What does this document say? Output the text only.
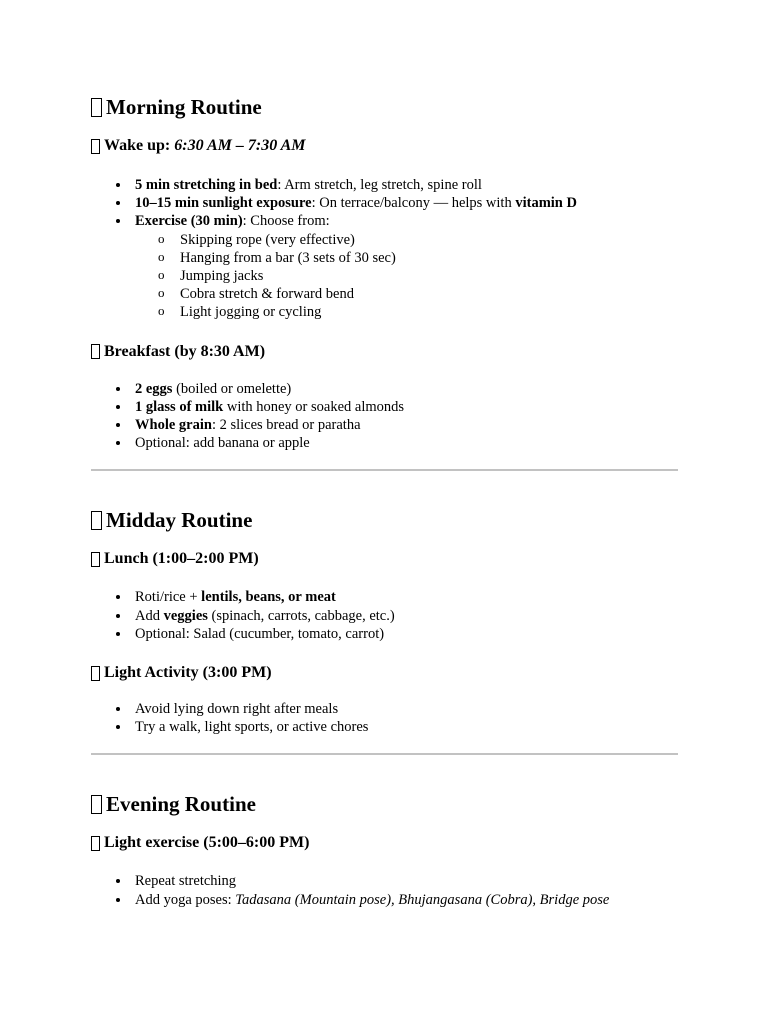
Morning Routine
Wake up:
6:30 AM – 7:30 AM
5 min stretching in bed: Arm stretch, leg stretch, spine roll
10–15 min sunlight exposure: On terrace/balcony — helps with vitamin D
Exercise (30 min): Choose from:
o Skipping rope (very effective)
o Hanging from a bar (3 sets of 30 sec)
o Jumping jacks
o Cobra stretch & forward bend
o Light jogging or cycling
Breakfast (by 8:30 AM)
2 eggs (boiled or omelette)
1 glass of milk with honey or soaked almonds
Whole grain: 2 slices bread or paratha
Optional: add banana or apple
Midday Routine
Lunch (1:00–2:00 PM)
Roti/rice + lentils, beans, or meat
Add veggies (spinach, carrots, cabbage, etc.)
Optional: Salad (cucumber, tomato, carrot)
Light Activity (3:00 PM)
Avoid lying down right after meals
Try a walk, light sports, or active chores
Evening Routine
Light exercise (5:00–6:00 PM)
Repeat stretching
Add yoga poses: Tadasana (Mountain pose), Bhujangasana (Cobra), Bridge pose
